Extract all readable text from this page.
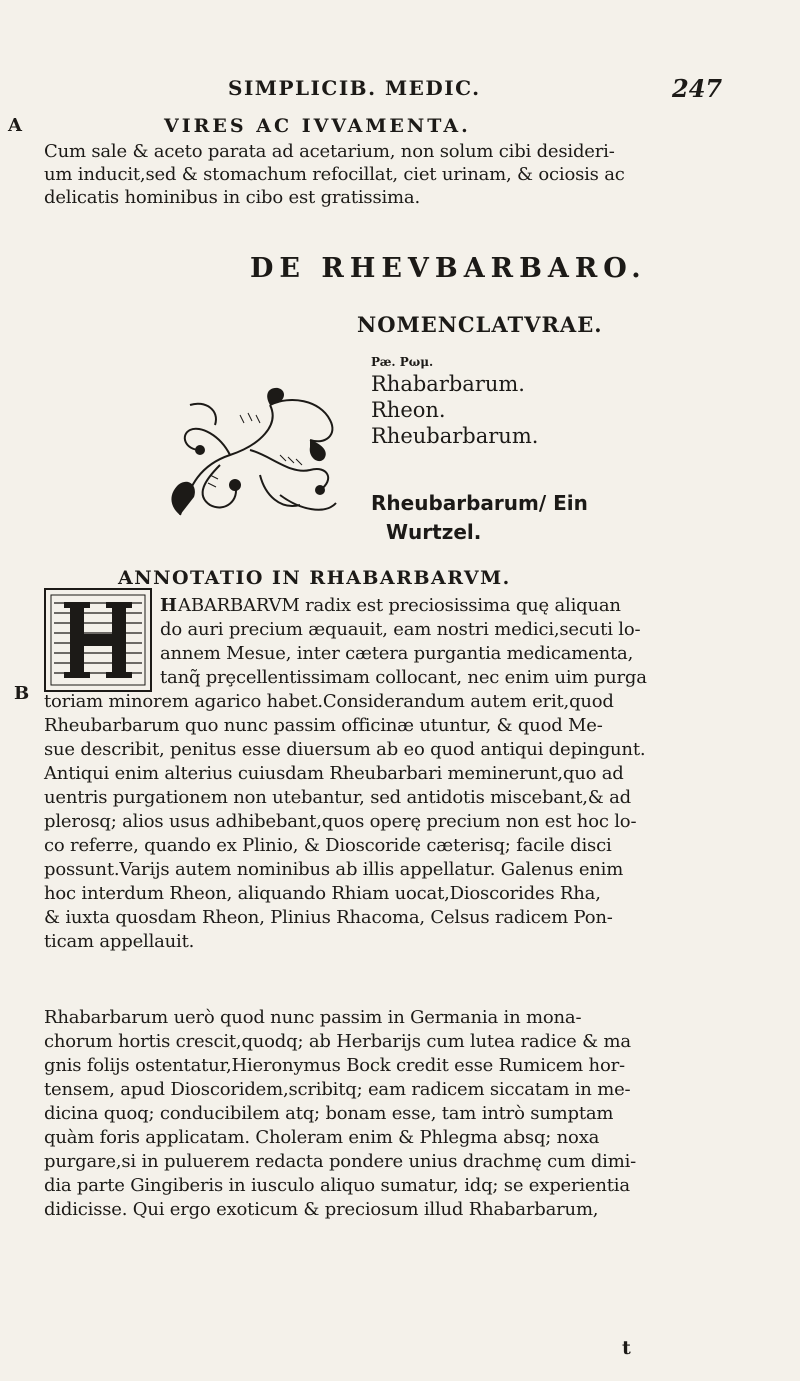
SIMPLICIB. MEDIC.	247
A
B
VIRES AC IVVAMENTA.
Cum sale & aceto parata ad acetarium, non solum cibi desideri-
um inducit,sed & stomachum refocillat, ciet urinam, & ociosis ac
delicatis hominibus in cibo est gratissima.
DE RHEVBARBARO.
NOMENCLATVRAE.
Pæ. Pωμ.
Rhabarbarum.
Rheon.
Rheubarbarum.
Rheubarbarum/ Ein
Wurtzel.
ANNOTATIO IN RHABARBARVM.
HABARBARVM radix est preciosissima quę aliquan
do auri precium æquauit, eam nostri medici,secuti lo-
annem Mesue, inter cætera purgantia medicamenta,
tanq̃ prȩcellentissimam collocant, nec enim uim purga
toriam minorem agarico habet.Considerandum autem erit,quod
Rheubarbarum quo nunc passim officinæ utuntur, & quod Me-
sue describit, penitus esse diuersum ab eo quod antiqui depingunt.
Antiqui enim alterius cuiusdam Rheubarbari meminerunt,quo ad
uentris purgationem non utebantur, sed antidotis miscebant,& ad
plerosq; alios usus adhibebant,quos operę precium non est hoc lo-
co referre, quando ex Plinio, & Dioscoride cæterisq; facile disci
possunt.Varijs autem nominibus ab illis appellatur. Galenus enim
hoc interdum Rheon, aliquando Rhiam uocat,Dioscorides Rha,
& iuxta quosdam Rheon, Plinius Rhacoma, Celsus radicem Pon-
ticam appellauit.
Rhabarbarum uerò quod nunc passim in Germania in mona-
chorum hortis crescit,quodq; ab Herbarijs cum lutea radice & ma
gnis folijs ostentatur,Hieronymus Bock credit esse Rumicem hor-
tensem, apud Dioscoridem,scribitq; eam radicem siccatam in me-
dicina quoq; conducibilem atq; bonam esse, tam intrò sumptam
quàm foris applicatam. Choleram enim & Phlegma absq; noxa
purgare,si in puluerem redacta pondere unius drachmę cum dimi-
dia parte Gingiberis in iusculo aliquo sumatur, idq; se experientia
didicisse. Qui ergo exoticum & preciosum illud Rhabarbarum,
t
